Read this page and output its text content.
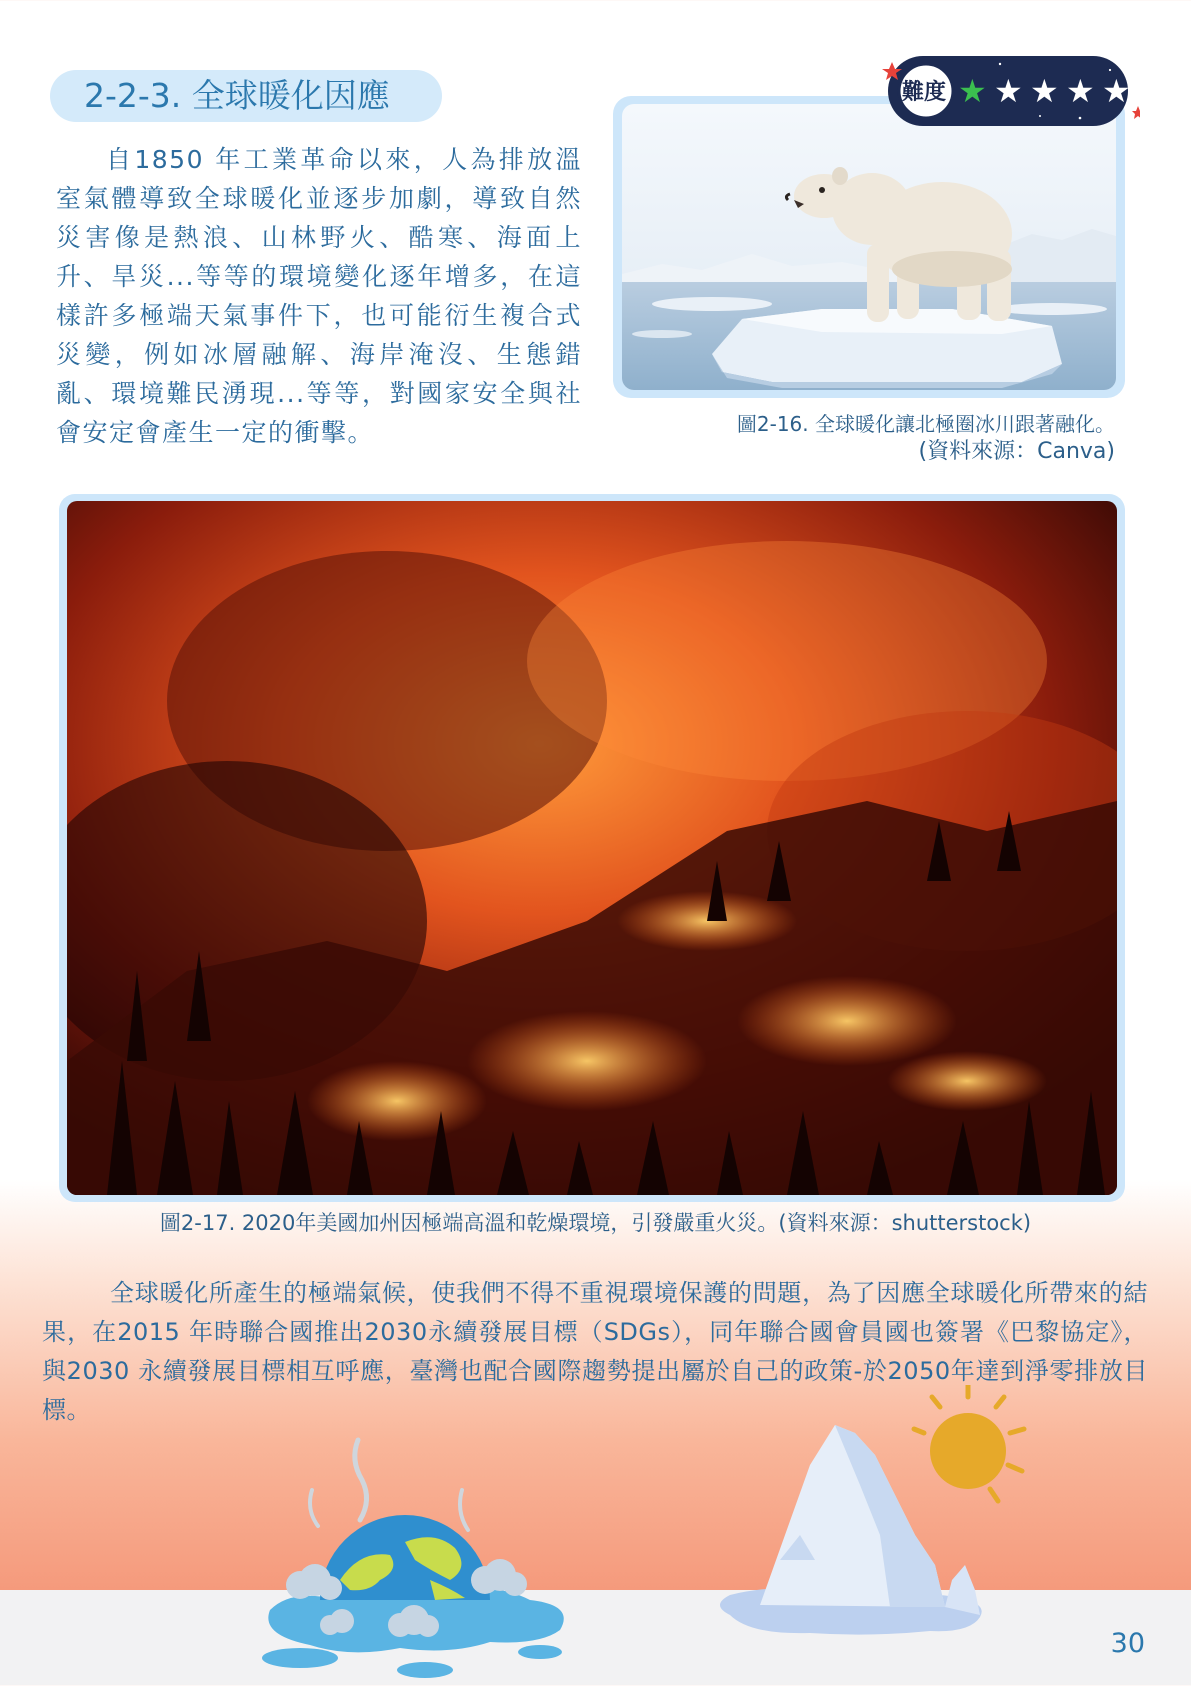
2-2-3. 全球暖化因應

自1850 年工業革命以來，人為排放溫室氣體導致全球暖化並逐步加劇，導致自然災害像是熱浪、山林野火、酷寒、海面上升、旱災...等等的環境變化逐年增多，在這樣許多極端天氣事件下，也可能衍生複合式災變，例如冰層融解、海岸淹沒、生態錯亂、環境難民湧現...等等，對國家安全與社會安定會產生一定的衝擊。

難度 ★ ★ ★ ★ ★
圖2-16. 全球暖化讓北極圈冰川跟著融化。
(資料來源：Canva)
圖2-17. 2020年美國加州因極端高溫和乾燥環境，引發嚴重火災。(資料來源：shutterstock)

全球暖化所產生的極端氣候，使我們不得不重視環境保護的問題，為了因應全球暖化所帶來的結果，在2015 年時聯合國推出2030永續發展目標（SDGs），同年聯合國會員國也簽署《巴黎協定》，與2030 永續發展目標相互呼應，臺灣也配合國際趨勢提出屬於自己的政策-於2050年達到淨零排放目標。

30
